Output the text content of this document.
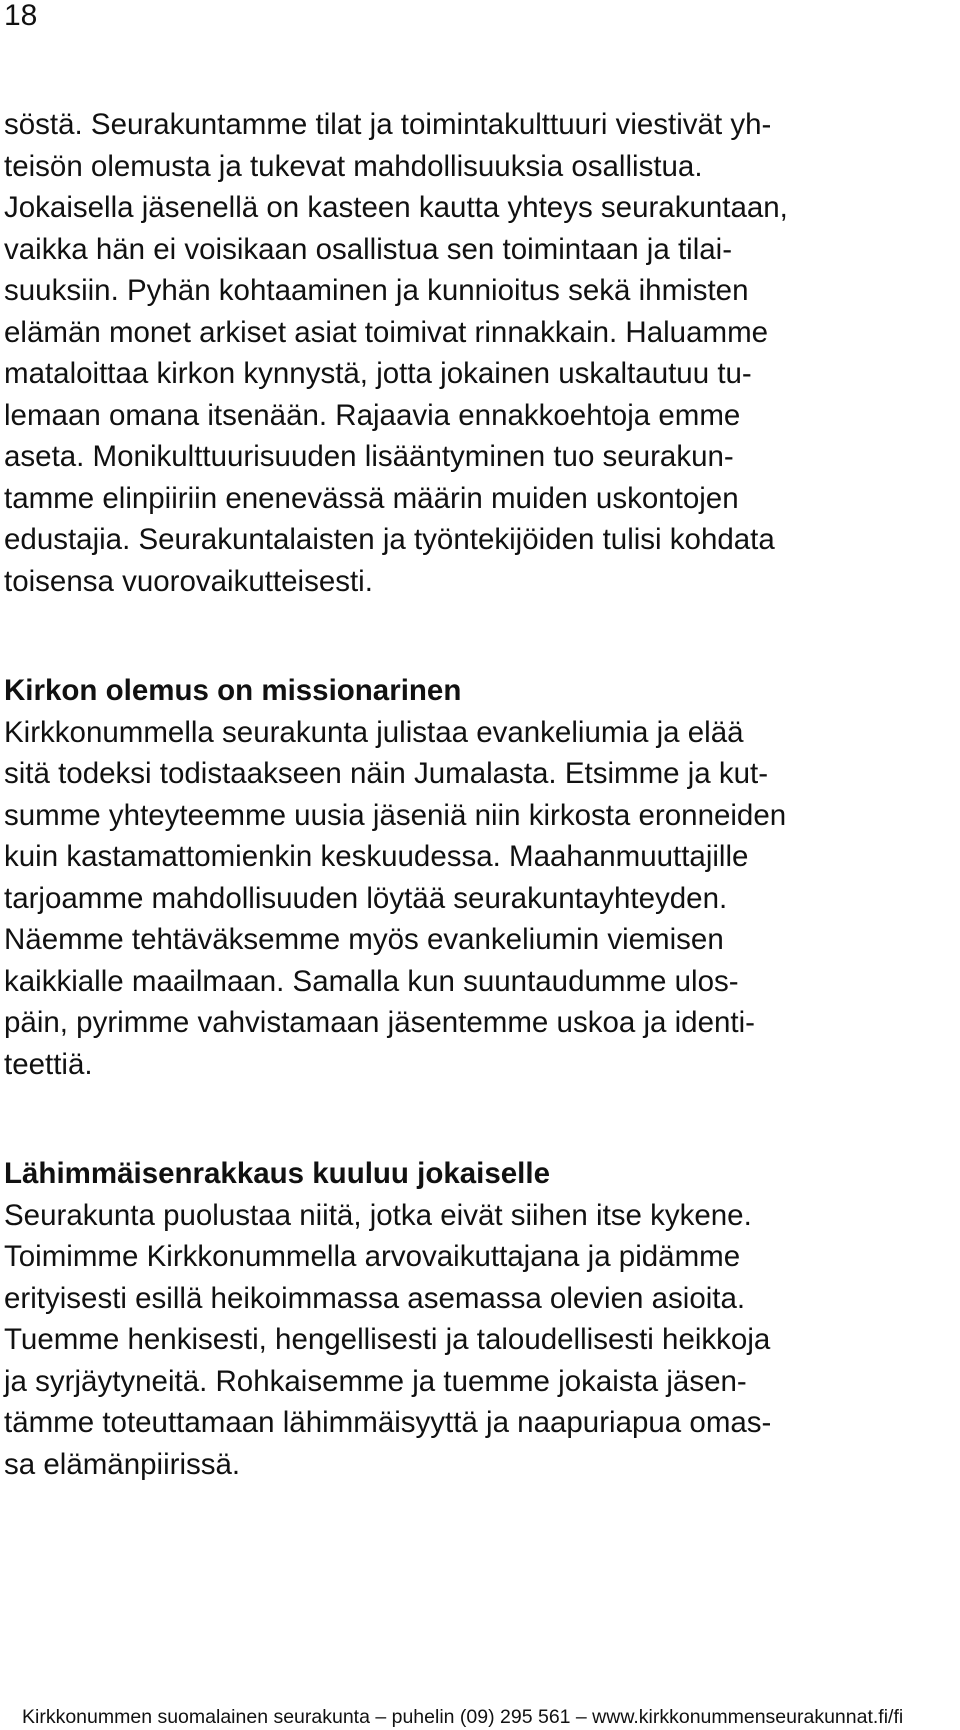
18
söstä. Seurakuntamme tilat ja toimintakulttuuri viestivät yh-
teisön olemusta ja tukevat mahdollisuuksia osallistua.
Jokaisella jäsenellä on kasteen kautta yhteys seurakuntaan,
vaikka hän ei voisikaan osallistua sen toimintaan ja tilai-
suuksiin. Pyhän kohtaaminen ja kunnioitus sekä ihmisten
elämän monet arkiset asiat toimivat rinnakkain. Haluamme
mataloittaa kirkon kynnystä, jotta jokainen uskaltautuu tu-
lemaan omana itsenään. Rajaavia ennakkoehtoja emme
aseta. Monikulttuurisuuden lisääntyminen tuo seurakun-
tamme elinpiiriin enenevässä määrin muiden uskontojen
edustajia. Seurakuntalaisten ja työntekijöiden tulisi kohdata
toisensa vuorovaikutteisesti.
Kirkon olemus on missionarinen
Kirkkonummella seurakunta julistaa evankeliumia ja elää
sitä todeksi todistaakseen näin Jumalasta. Etsimme ja kut-
summe yhteyteemme uusia jäseniä niin kirkosta eronneiden
kuin kastamattomienkin keskuudessa. Maahanmuuttajille
tarjoamme mahdollisuuden löytää seurakuntayhteyden.
Näemme tehtäväksemme myös evankeliumin viemisen
kaikkialle maailmaan. Samalla kun suuntaudumme ulos-
päin, pyrimme vahvistamaan jäsentemme uskoa ja identi-
teettiä.
Lähimmäisenrakkaus kuuluu jokaiselle
Seurakunta puolustaa niitä, jotka eivät siihen itse kykene.
Toimimme Kirkkonummella arvovaikuttajana ja pidämme
erityisesti esillä heikoimmassa asemassa olevien asioita.
Tuemme henkisesti, hengellisesti ja taloudellisesti heikkoja
ja syrjäytyneitä. Rohkaisemme ja tuemme jokaista jäsen-
tämme toteuttamaan lähimmäisyyttä ja naapuriapua omas-
sa elämänpiirissä.
Kirkkonummen suomalainen seurakunta – puhelin (09) 295 561 – www.kirkkonummenseurakunnat.fi/fi
